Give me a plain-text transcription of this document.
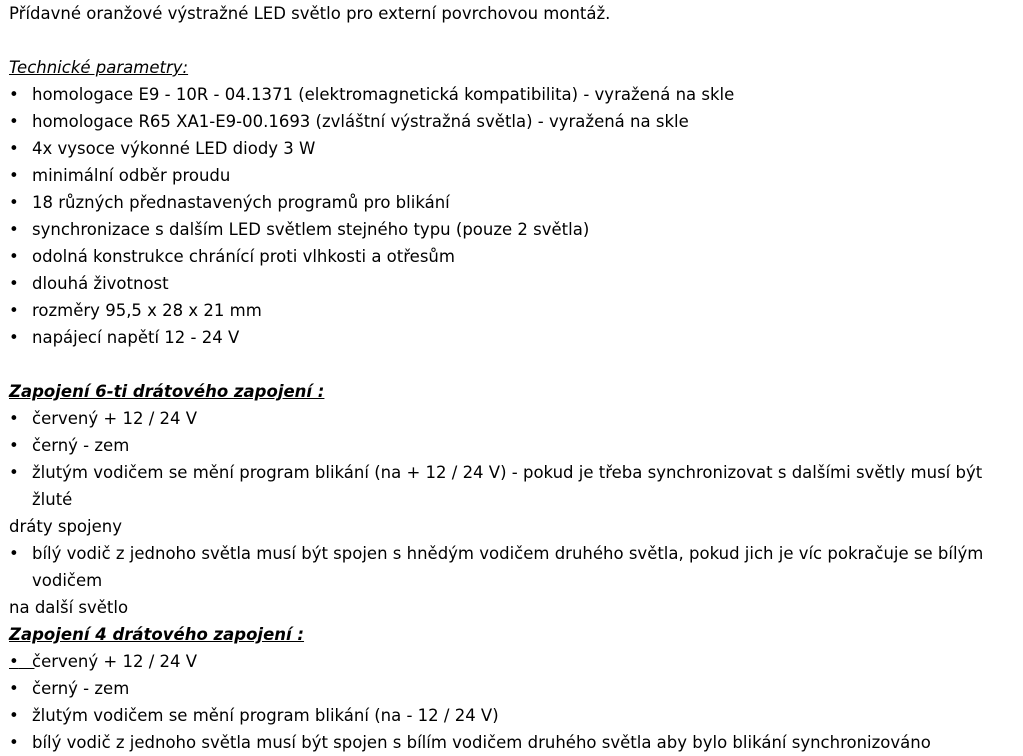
Přídavné oranžové výstražné LED světlo pro externí povrchovou montáž.
Technické parametry:
• homologace E9 - 10R - 04.1371 (elektromagnetická kompatibilita) - vyražená na skle
• homologace R65 XA1-E9-00.1693 (zvláštní výstražná světla) - vyražená na skle
• 4x vysoce výkonné LED diody 3 W
• minimální odběr proudu
• 18 různých přednastavených programů pro blikání
• synchronizace s dalším LED světlem stejného typu (pouze 2 světla)
• odolná konstrukce chránící proti vlhkosti a otřesům
• dlouhá životnost
• rozměry 95,5 x 28 x 21 mm
• napájecí napětí 12 - 24 V
Zapojení 6-ti drátového zapojení :
• červený + 12 / 24 V
• černý - zem
• žlutým vodičem se mění program blikání (na + 12 / 24 V) - pokud je třeba synchronizovat s dalšími světly musí být žluté
dráty spojeny
• bílý vodič z jednoho světla musí být spojen s hnědým vodičem druhého světla, pokud jich je víc pokračuje se bílým vodičem
na další světlo
Zapojení 4 drátového zapojení :
• červený + 12 / 24 V
• černý - zem
• žlutým vodičem se mění program blikání (na - 12 / 24 V)
• bílý vodič z jednoho světla musí být spojen s bílím vodičem druhého světla aby bylo blikání synchronizováno
